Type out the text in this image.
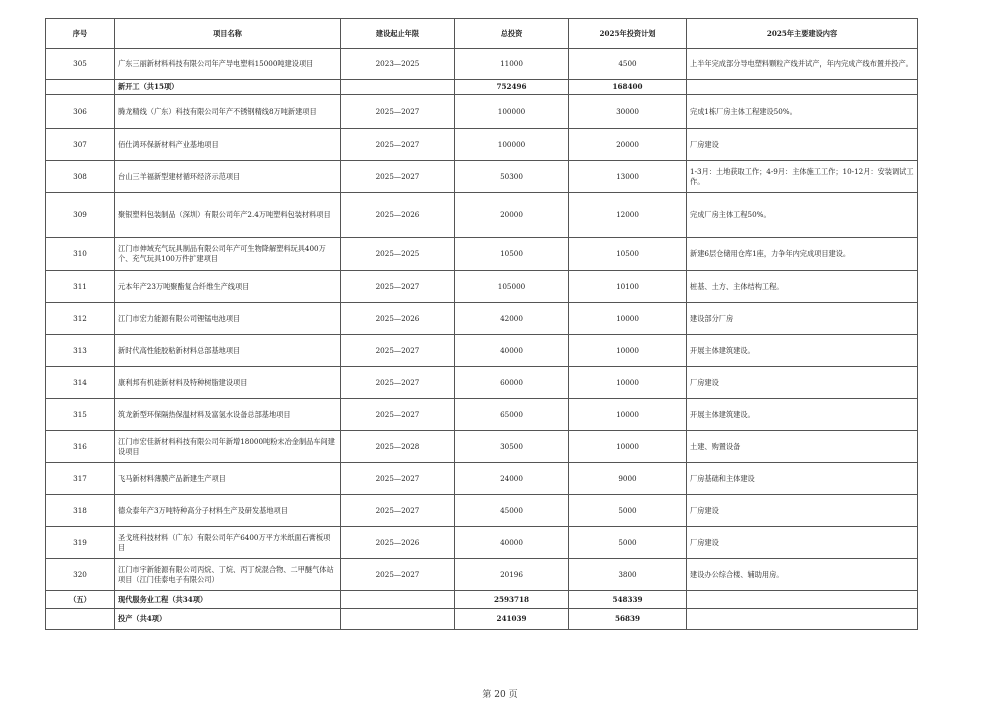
序号	项目名称	建设起止年限	总投资	2025年投资计划	2025年主要建设内容
305	广东三丽新材料科技有限公司年产导电塑料15000吨建设项目	2023—2025	11000	4500	上半年完成部分导电塑料颗粒产线并试产，年内完成产线布置并投产。
	新开工（共15项）		752496	168400	
306	腾龙精线（广东）科技有限公司年产不锈钢精线8万吨新建项目	2025—2027	100000	30000	完成1栋厂房主体工程建设50%。
307	佰仕鸿环保新材料产业基地项目	2025—2027	100000	20000	厂房建设
308	台山三羊福新型建材循环经济示范项目	2025—2027	50300	13000	1-3月：土地获取工作；4-9月：主体施工工作；10-12月：安装调试工作。
309	聚银塑料包装制品（深圳）有限公司年产2.4万吨塑料包装材料项目	2025—2026	20000	12000	完成厂房主体工程50%。
310	江门市伸域充气玩具制品有限公司年产可生物降解塑料玩具400万个、充气玩具100万件扩建项目	2025—2025	10500	10500	新建6层仓储用仓库1座，力争年内完成项目建设。
311	元本年产23万吨聚酯复合纤维生产线项目	2025—2027	105000	10100	桩基、土方、主体结构工程。
312	江门市宏力能源有限公司锂锰电池项目	2025—2026	42000	10000	建设部分厂房
313	新时代高性能胶粘新材料总部基地项目	2025—2027	40000	10000	开展主体建筑建设。
314	康利邦有机硅新材料及特种树脂建设项目	2025—2027	60000	10000	厂房建设
315	筑龙新型环保隔热保温材料及富氢水设备总部基地项目	2025—2027	65000	10000	开展主体建筑建设。
316	江门市宏佳新材料科技有限公司年新增18000吨粉末冶金制品车间建设项目	2025—2028	30500	10000	土建、购置设备
317	飞马新材料薄膜产品新建生产项目	2025—2027	24000	9000	厂房基础和主体建设
318	德众泰年产3万吨特种高分子材料生产及研发基地项目	2025—2027	45000	5000	厂房建设
319	圣戈班科技材料（广东）有限公司年产6400万平方米纸面石膏板项目	2025—2026	40000	5000	厂房建设
320	江门市宇新能源有限公司丙烷、丁烷、丙丁烷混合物、二甲醚气体站项目（江门佳泰电子有限公司）	2025—2027	20196	3800	建设办公综合楼、辅助用房。
（五）	现代服务业工程（共34项）		2593718	548339	
	投产（共4项）		241039	56839	
第 20 页
